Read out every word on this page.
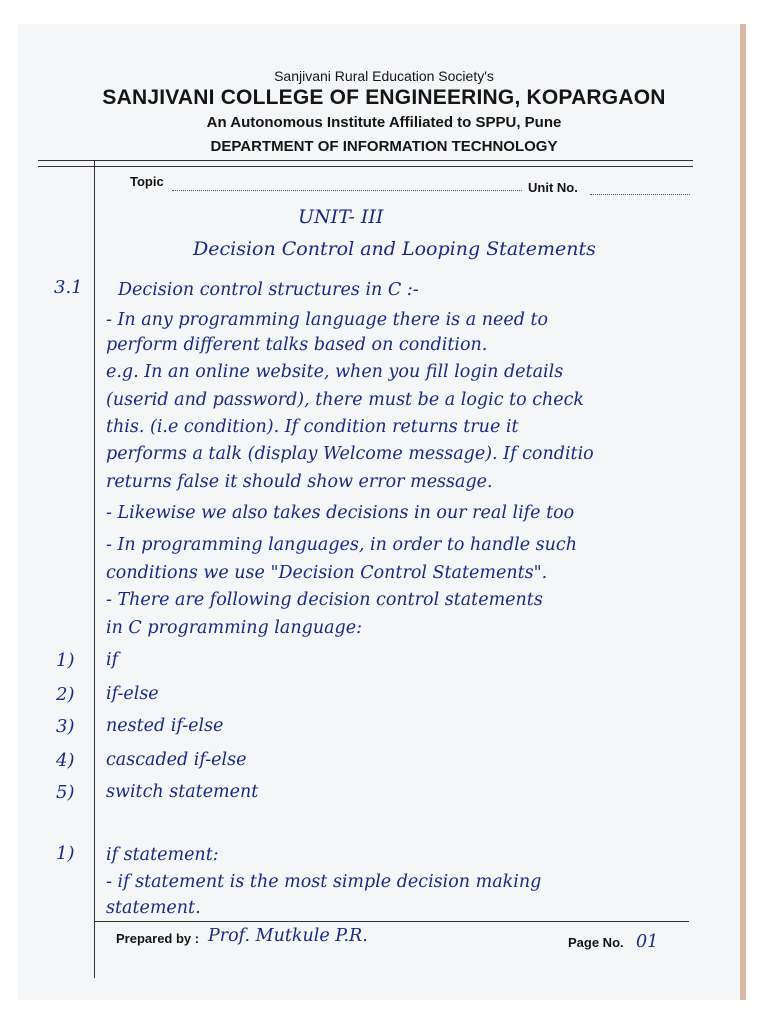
Sanjivani Rural Education Society's
SANJIVANI COLLEGE OF ENGINEERING, KOPARGAON
An Autonomous Institute Affiliated to SPPU, Pune
DEPARTMENT OF INFORMATION TECHNOLOGY
Topic	Unit No.
UNIT- III
Decision Control and Looping Statements
3.1 Decision control structures in C :-
- In any programming language there is a need to
perform different talks based on condition.
e.g. In an online website, when you fill login details
(userid and password), there must be a logic to check
this. (i.e condition). If condition returns true it
performs a talk (display Welcome message). If conditio
returns false it should show error message.
- Likewise we also takes decisions in our real life too
- In programming languages, in order to handle such
conditions we use "Decision Control Statements".
- There are following decision control statements
in C programming language:
1) if
2) if-else
3) nested if-else
4) cascaded if-else
5) switch statement
1) if statement:
- if statement is the most simple decision making
statement.
Prepared by : Prof. Mutkule P.R.	Page No. 01
